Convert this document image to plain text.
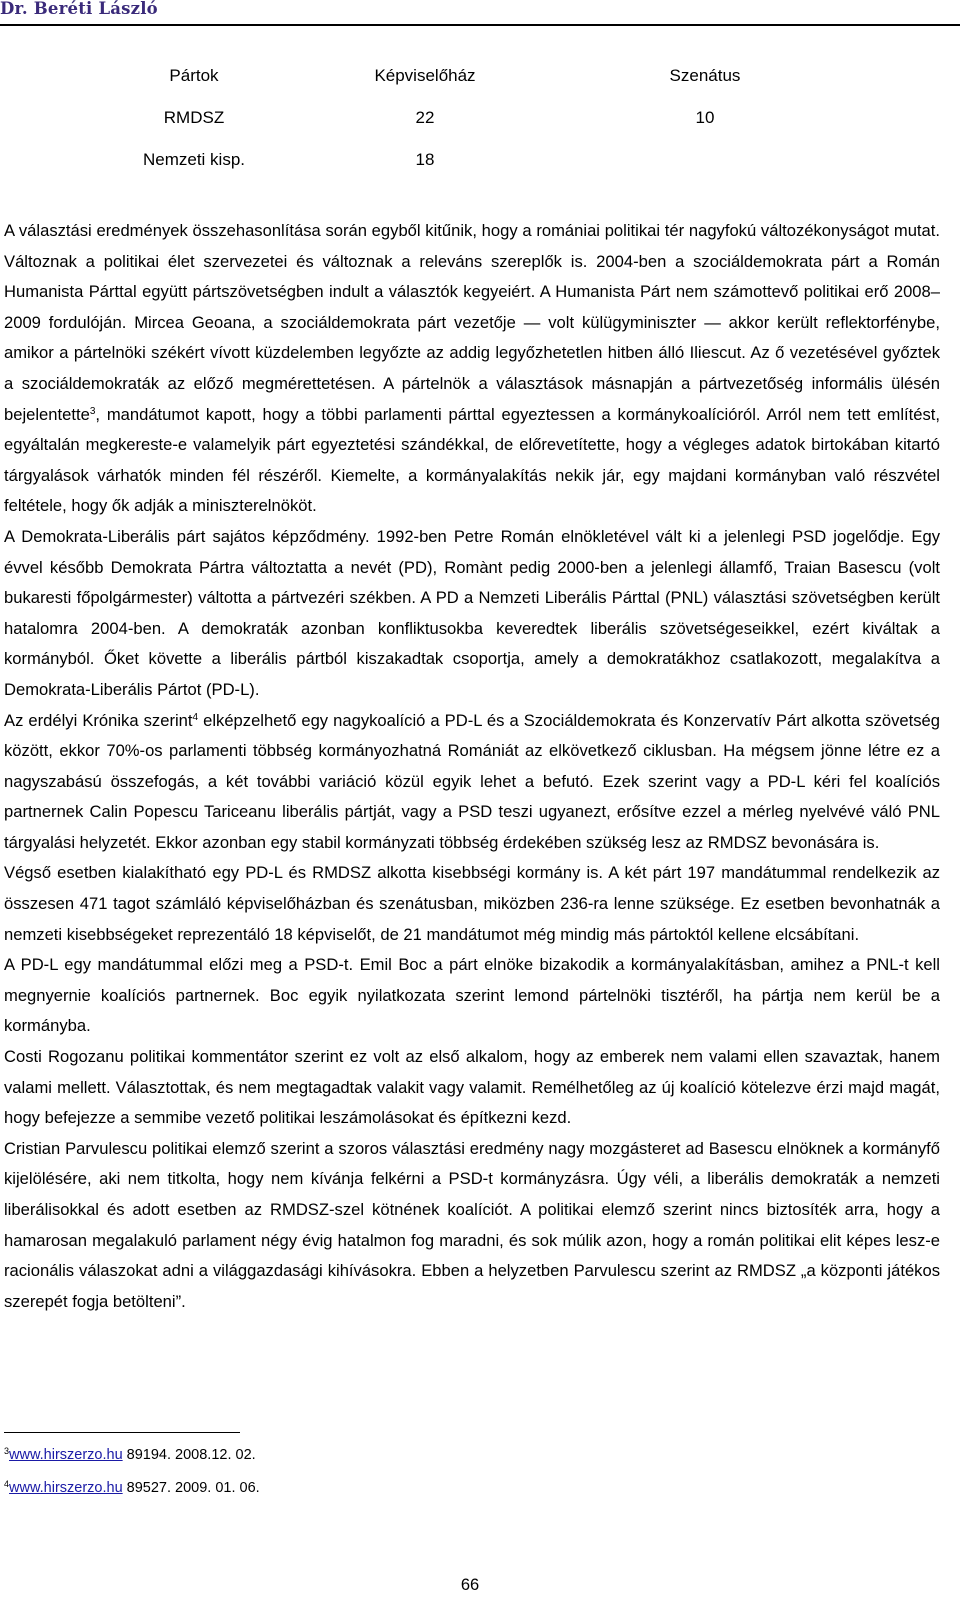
Dr. Beréti László
Pártok	Képviselőház	Szenátus
RMDSZ	22	10
Nemzeti kisp.	18

A választási eredmények összehasonlítása során egyből kitűnik, hogy a romániai politikai tér nagyfokú változékonyságot mutat. Változnak a politikai élet szervezetei és változnak a releváns szereplők is. 2004-ben a szociáldemokrata párt a Román Humanista Párttal együtt pártszövetségben indult a választók kegyeiért. A Humanista Párt nem számottevő politikai erő 2008–2009 fordulóján. Mircea Geoana, a szociáldemokrata párt vezetője — volt külügyminiszter — akkor került reflektorfénybe, amikor a pártelnöki székért vívott küzdelemben legyőzte az addig legyőzhetetlen hitben álló Iliescut. Az ő vezetésével győztek a szociáldemokraták az előző megmérettetésen. A pártelnök a választások másnapján a pártvezetőség informális ülésén bejelentette$^3$, mandátumot kapott, hogy a többi parlamenti párttal egyeztessen a kormánykoalícióról. Arról nem tett említést, egyáltalán megkereste-e valamelyik párt egyeztetési szándékkal, de előrevetítette, hogy a végleges adatok birtokában kitartó tárgyalások várhatók minden fél részéről. Kiemelte, a kormányalakítás nekik jár, egy majdani kormányban való részvétel feltétele, hogy ők adják a miniszterelnököt.

A Demokrata-Liberális párt sajátos képződmény. 1992-ben Petre Román elnökletével vált ki a jelenlegi PSD jogelődje. Egy évvel később Demokrata Pártra változtatta a nevét (PD), Romànt pedig 2000-ben a jelenlegi államfő, Traian Basescu (volt bukaresti főpolgármester) váltotta a pártvezéri székben. A PD a Nemzeti Liberális Párttal (PNL) választási szövetségben került hatalomra 2004-ben. A demokraták azonban konfliktusokba keveredtek liberális szövetségeseikkel, ezért kiváltak a kormányból. Őket követte a liberális pártból kiszakadtak csoportja, amely a demokratákhoz csatlakozott, megalakítva a Demokrata-Liberális Pártot (PD-L).

Az erdélyi Krónika szerint$^4$ elképzelhető egy nagykoalíció a PD-L és a Szociáldemokrata és Konzervatív Párt alkotta szövetség között, ekkor 70%-os parlamenti többség kormányozhatná Romániát az elkövetkező ciklusban. Ha mégsem jönne létre ez a nagyszabású összefogás, a két további variáció közül egyik lehet a befutó. Ezek szerint vagy a PD-L kéri fel koalíciós partnernek Calin Popescu Tariceanu liberális pártját, vagy a PSD teszi ugyanezt, erősítve ezzel a mérleg nyelvévé váló PNL tárgyalási helyzetét. Ekkor azonban egy stabil kormányzati többség érdekében szükség lesz az RMDSZ bevonására is.

Végső esetben kialakítható egy PD-L és RMDSZ alkotta kisebbségi kormány is. A két párt 197 mandátummal rendelkezik az összesen 471 tagot számláló képviselőházban és szenátusban, miközben 236-ra lenne szüksége. Ez esetben bevonhatnák a nemzeti kisebbségeket reprezentáló 18 képviselőt, de 21 mandátumot még mindig más pártoktól kellene elcsábítani.

A PD-L egy mandátummal előzi meg a PSD-t. Emil Boc a párt elnöke bizakodik a kormányalakításban, amihez a PNL-t kell megnyernie koalíciós partnernek. Boc egyik nyilatkozata szerint lemond pártelnöki tisztéről, ha pártja nem kerül be a kormányba.

Costi Rogozanu politikai kommentátor szerint ez volt az első alkalom, hogy az emberek nem valami ellen szavaztak, hanem valami mellett. Választottak, és nem megtagadtak valakit vagy valamit. Remélhetőleg az új koalíció kötelezve érzi majd magát, hogy befejezze a semmibe vezető politikai leszámolásokat és építkezni kezd.

Cristian Parvulescu politikai elemző szerint a szoros választási eredmény nagy mozgásteret ad Basescu elnöknek a kormányfő kijelölésére, aki nem titkolta, hogy nem kívánja felkérni a PSD-t kormányzásra. Úgy véli, a liberális demokraták a nemzeti liberálisokkal és adott esetben az RMDSZ-szel kötnének koalíciót. A politikai elemző szerint nincs biztosíték arra, hogy a hamarosan megalakuló parlament négy évig hatalmon fog maradni, és sok múlik azon, hogy a román politikai elit képes lesz-e racionális válaszokat adni a világgazdasági kihívásokra. Ebben a helyzetben Parvulescu szerint az RMDSZ „a központi játékos szerepét fogja betölteni”.

$^3$www.hirszerzo.hu 89194. 2008.12. 02.
$^4$www.hirszerzo.hu 89527. 2009. 01. 06.
66
